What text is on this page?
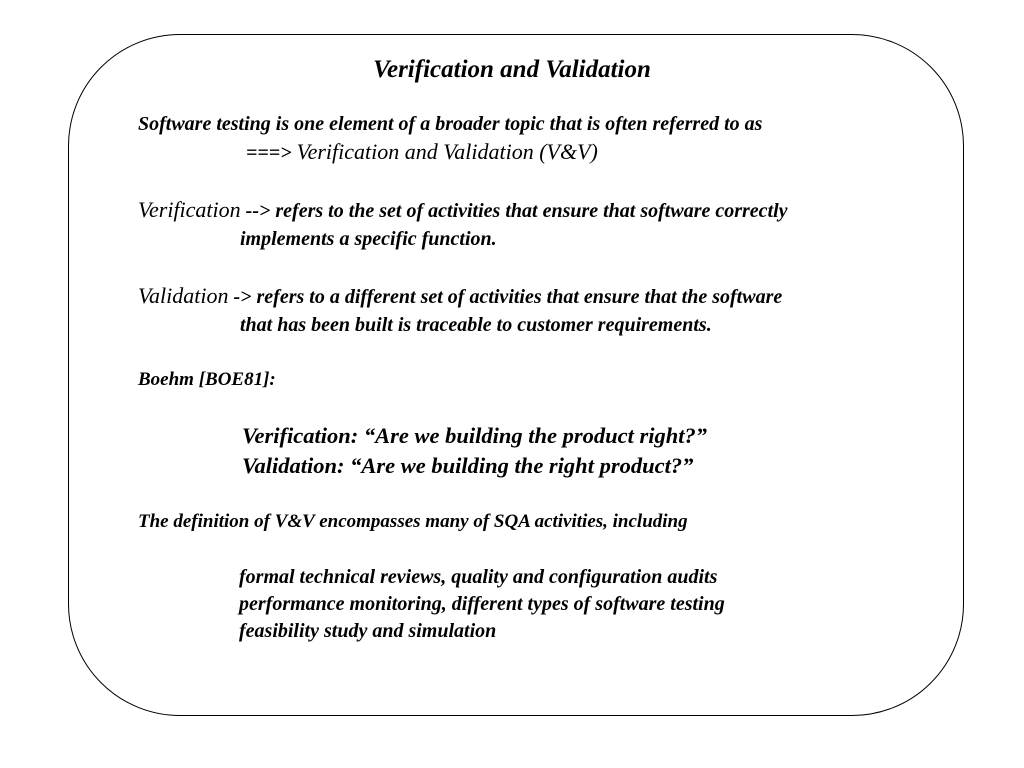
Verification and Validation
Software testing is one element of a broader topic that is often referred to as
===> Verification and Validation (V&V)
Verification --> refers to the set of activities that ensure that software correctly
implements a specific function.
Validation -> refers to a different set of activities that ensure that the software
that has been built is traceable to customer requirements.
Boehm [BOE81]:
Verification: “Are we building the product right?”
Validation: “Are we building the right product?”
The definition of V&V encompasses many of SQA activities, including
formal technical reviews, quality and configuration audits
performance monitoring, different types of software testing
feasibility study and simulation
